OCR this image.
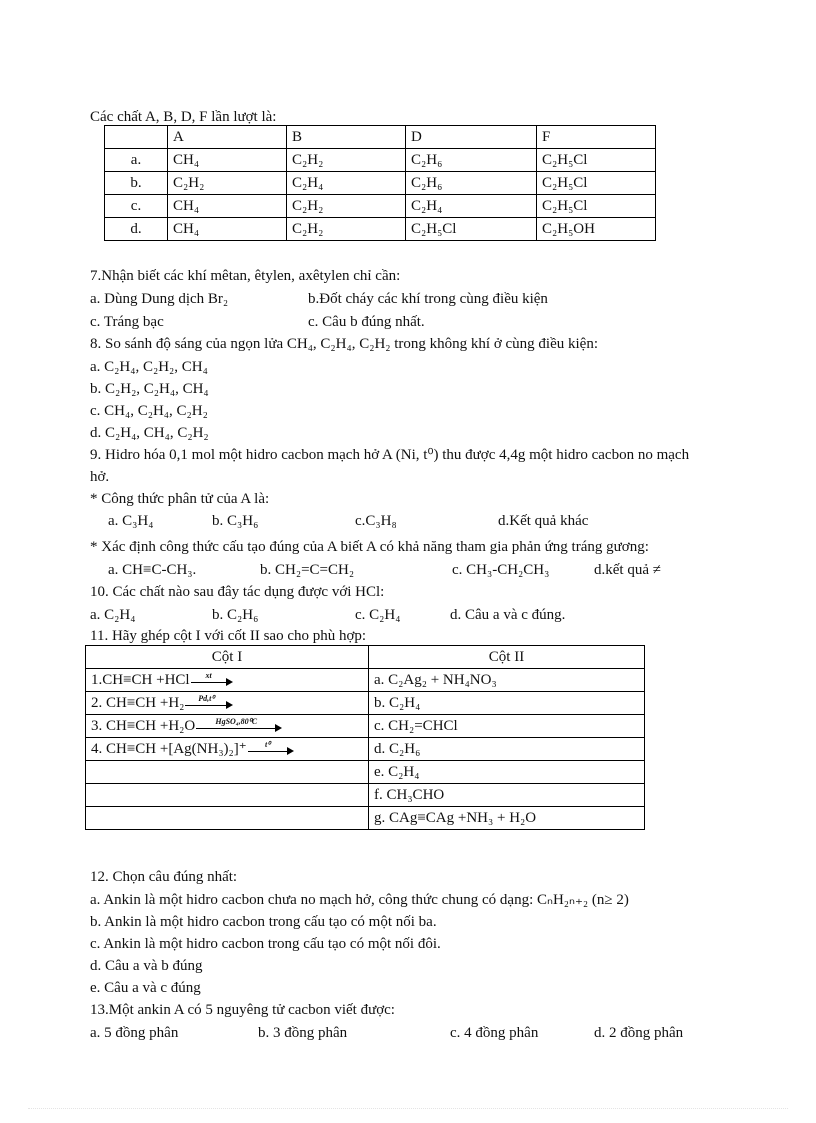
Các chất A, B, D, F lần lượt là:
	A	B	D	F
a.	CH₄	C₂H₂	C₂H₆	C₂H₅Cl
b.	C₂H₂	C₂H₄	C₂H₆	C₂H₅Cl
c.	CH₄	C₂H₂	C₂H₄	C₂H₅Cl
d.	CH₄	C₂H₂	C₂H₅Cl	C₂H₅OH
7.Nhận biết các khí mêtan, êtylen, axêtylen chỉ cần:
a. Dùng Dung dịch Br₂	b.Đốt cháy các khí trong cùng điều kiện
c. Tráng bạc	c. Câu b đúng nhất.
8. So sánh độ sáng của ngọn lửa CH₄, C₂H₄, C₂H₂ trong không khí ở cùng điều kiện:
a. C₂H₄, C₂H₂, CH₄
b. C₂H₂, C₂H₄, CH₄
c. CH₄, C₂H₄, C₂H₂
d. C₂H₄, CH₄, C₂H₂
9. Hidro hóa 0,1 mol một hidro cacbon mạch hở A (Ni, t⁰) thu được 4,4g một hidro cacbon no mạch
hở.
* Công thức phân tử của A là:
a. C₃H₄	b. C₃H₆	c.C₃H₈	d.Kết quả khác
* Xác định công thức cấu tạo đúng của A biết A có khả năng tham gia phản ứng tráng gương:
a. CH≡C-CH₃.	b. CH₂=C=CH₂	c. CH₃-CH₂CH₃	d.kết quả ≠
10. Các chất nào sau đây tác dụng được với HCl:
a. C₂H₄	b. C₂H₆	c. C₂H₄	d. Câu a và c đúng.
11. Hãy ghép cột I với cốt II sao cho phù hợp:
Cột I	Cột II
1.CH≡CH +HCl xt	a. C₂Ag₂ + NH₄NO₃
2. CH≡CH +H₂ Pd,t⁰	b. C₂H₄
3. CH≡CH +H₂O HgSO₄,80⁰C	c. CH₂=CHCl
4. CH≡CH +[Ag(NH₃)₂]⁺ t⁰	d. C₂H₆
	e. C₂H₄
	f. CH₃CHO
	g. CAg≡CAg +NH₃ + H₂O
12. Chọn câu đúng nhất:
a. Ankin là một hidro cacbon chưa no mạch hở, công thức chung có dạng: CₙH₂ₙ₊₂ (n≥ 2)
b. Ankin là một hidro cacbon trong cấu tạo có một nối ba.
c. Ankin là một hidro cacbon trong cấu tạo có một nối đôi.
d. Câu a và b đúng
e. Câu a và c đúng
13.Một ankin A có 5 nguyêng tử cacbon viết được:
a. 5 đồng phân	b. 3 đồng phân	c. 4 đồng phân	d. 2 đồng phân
